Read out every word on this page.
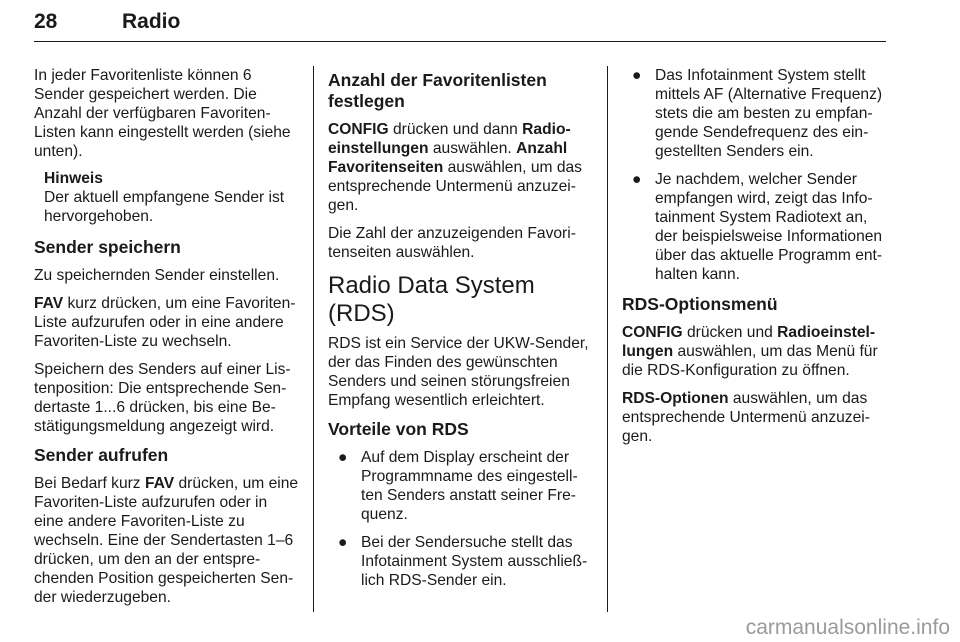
28	Radio

In jeder Favoritenliste können 6 Sender gespeichert werden. Die Anzahl der verfügbaren Favoriten-Listen kann eingestellt werden (siehe unten).

Hinweis
Der aktuell empfangene Sender ist hervorgehoben.
Sender speichern

Zu speichernden Sender einstellen.

FAV kurz drücken, um eine Favoriten-Liste aufzurufen oder in eine andere Favoriten-Liste zu wechseln.

Speichern des Senders auf einer Lis-tenposition: Die entsprechende Sen-dertaste 1...6 drücken, bis eine Be-stätigungsmeldung angezeigt wird.

Sender aufrufen

Bei Bedarf kurz FAV drücken, um eine Favoriten-Liste aufzurufen oder in eine andere Favoriten-Liste zu wechseln. Eine der Sendertasten 1–6 drücken, um den an der entspre-chenden Position gespeicherten Sen-der wiederzugeben.

Anzahl der Favoritenlisten festlegen

CONFIG drücken und dann Radio-einstellungen auswählen. Anzahl Favoritenseiten auswählen, um das entsprechende Untermenü anzuzei-gen.

Die Zahl der anzuzeigenden Favori-tenseiten auswählen.

Radio Data System (RDS)

RDS ist ein Service der UKW-Sender, der das Finden des gewünschten Senders und seinen störungsfreien Empfang wesentlich erleichtert.

Vorteile von RDS
● Auf dem Display erscheint der Programmname des eingestell-ten Senders anstatt seiner Fre-quenz.
● Bei der Sendersuche stellt das Infotainment System ausschließ-lich RDS-Sender ein.
● Das Infotainment System stellt mittels AF (Alternative Frequenz) stets die am besten zu empfan-gende Sendefrequenz des ein-gestellten Senders ein.
● Je nachdem, welcher Sender empfangen wird, zeigt das Info-tainment System Radiotext an, der beispielsweise Informationen über das aktuelle Programm ent-halten kann.
RDS-Optionsmenü

CONFIG drücken und Radioeinstel-lungen auswählen, um das Menü für die RDS-Konfiguration zu öffnen.

RDS-Optionen auswählen, um das entsprechende Untermenü anzuzei-gen.

carmanualsonline.info
